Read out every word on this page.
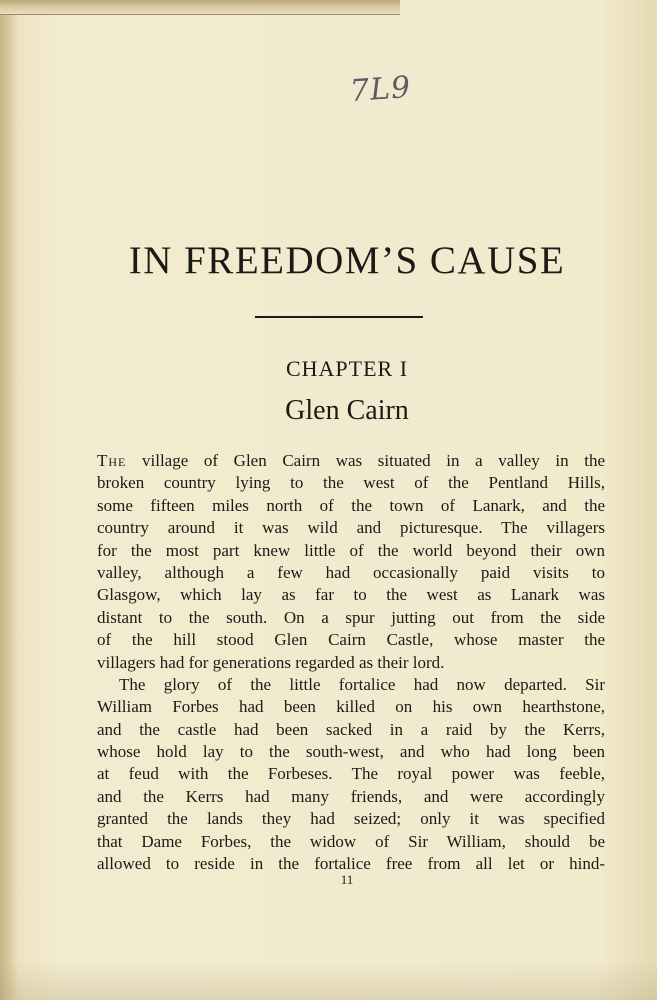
7L9
IN FREEDOM’S CAUSE
CHAPTER I
Glen Cairn
The village of Glen Cairn was situated in a valley in the
broken country lying to the west of the Pentland Hills,
some fifteen miles north of the town of Lanark, and the
country around it was wild and picturesque. The villagers
for the most part knew little of the world beyond their own
valley, although a few had occasionally paid visits to
Glasgow, which lay as far to the west as Lanark was
distant to the south. On a spur jutting out from the side
of the hill stood Glen Cairn Castle, whose master the
villagers had for generations regarded as their lord.
The glory of the little fortalice had now departed. Sir
William Forbes had been killed on his own hearthstone,
and the castle had been sacked in a raid by the Kerrs,
whose hold lay to the south-west, and who had long been
at feud with the Forbeses. The royal power was feeble,
and the Kerrs had many friends, and were accordingly
granted the lands they had seized; only it was specified
that Dame Forbes, the widow of Sir William, should be
allowed to reside in the fortalice free from all let or hind-
11
